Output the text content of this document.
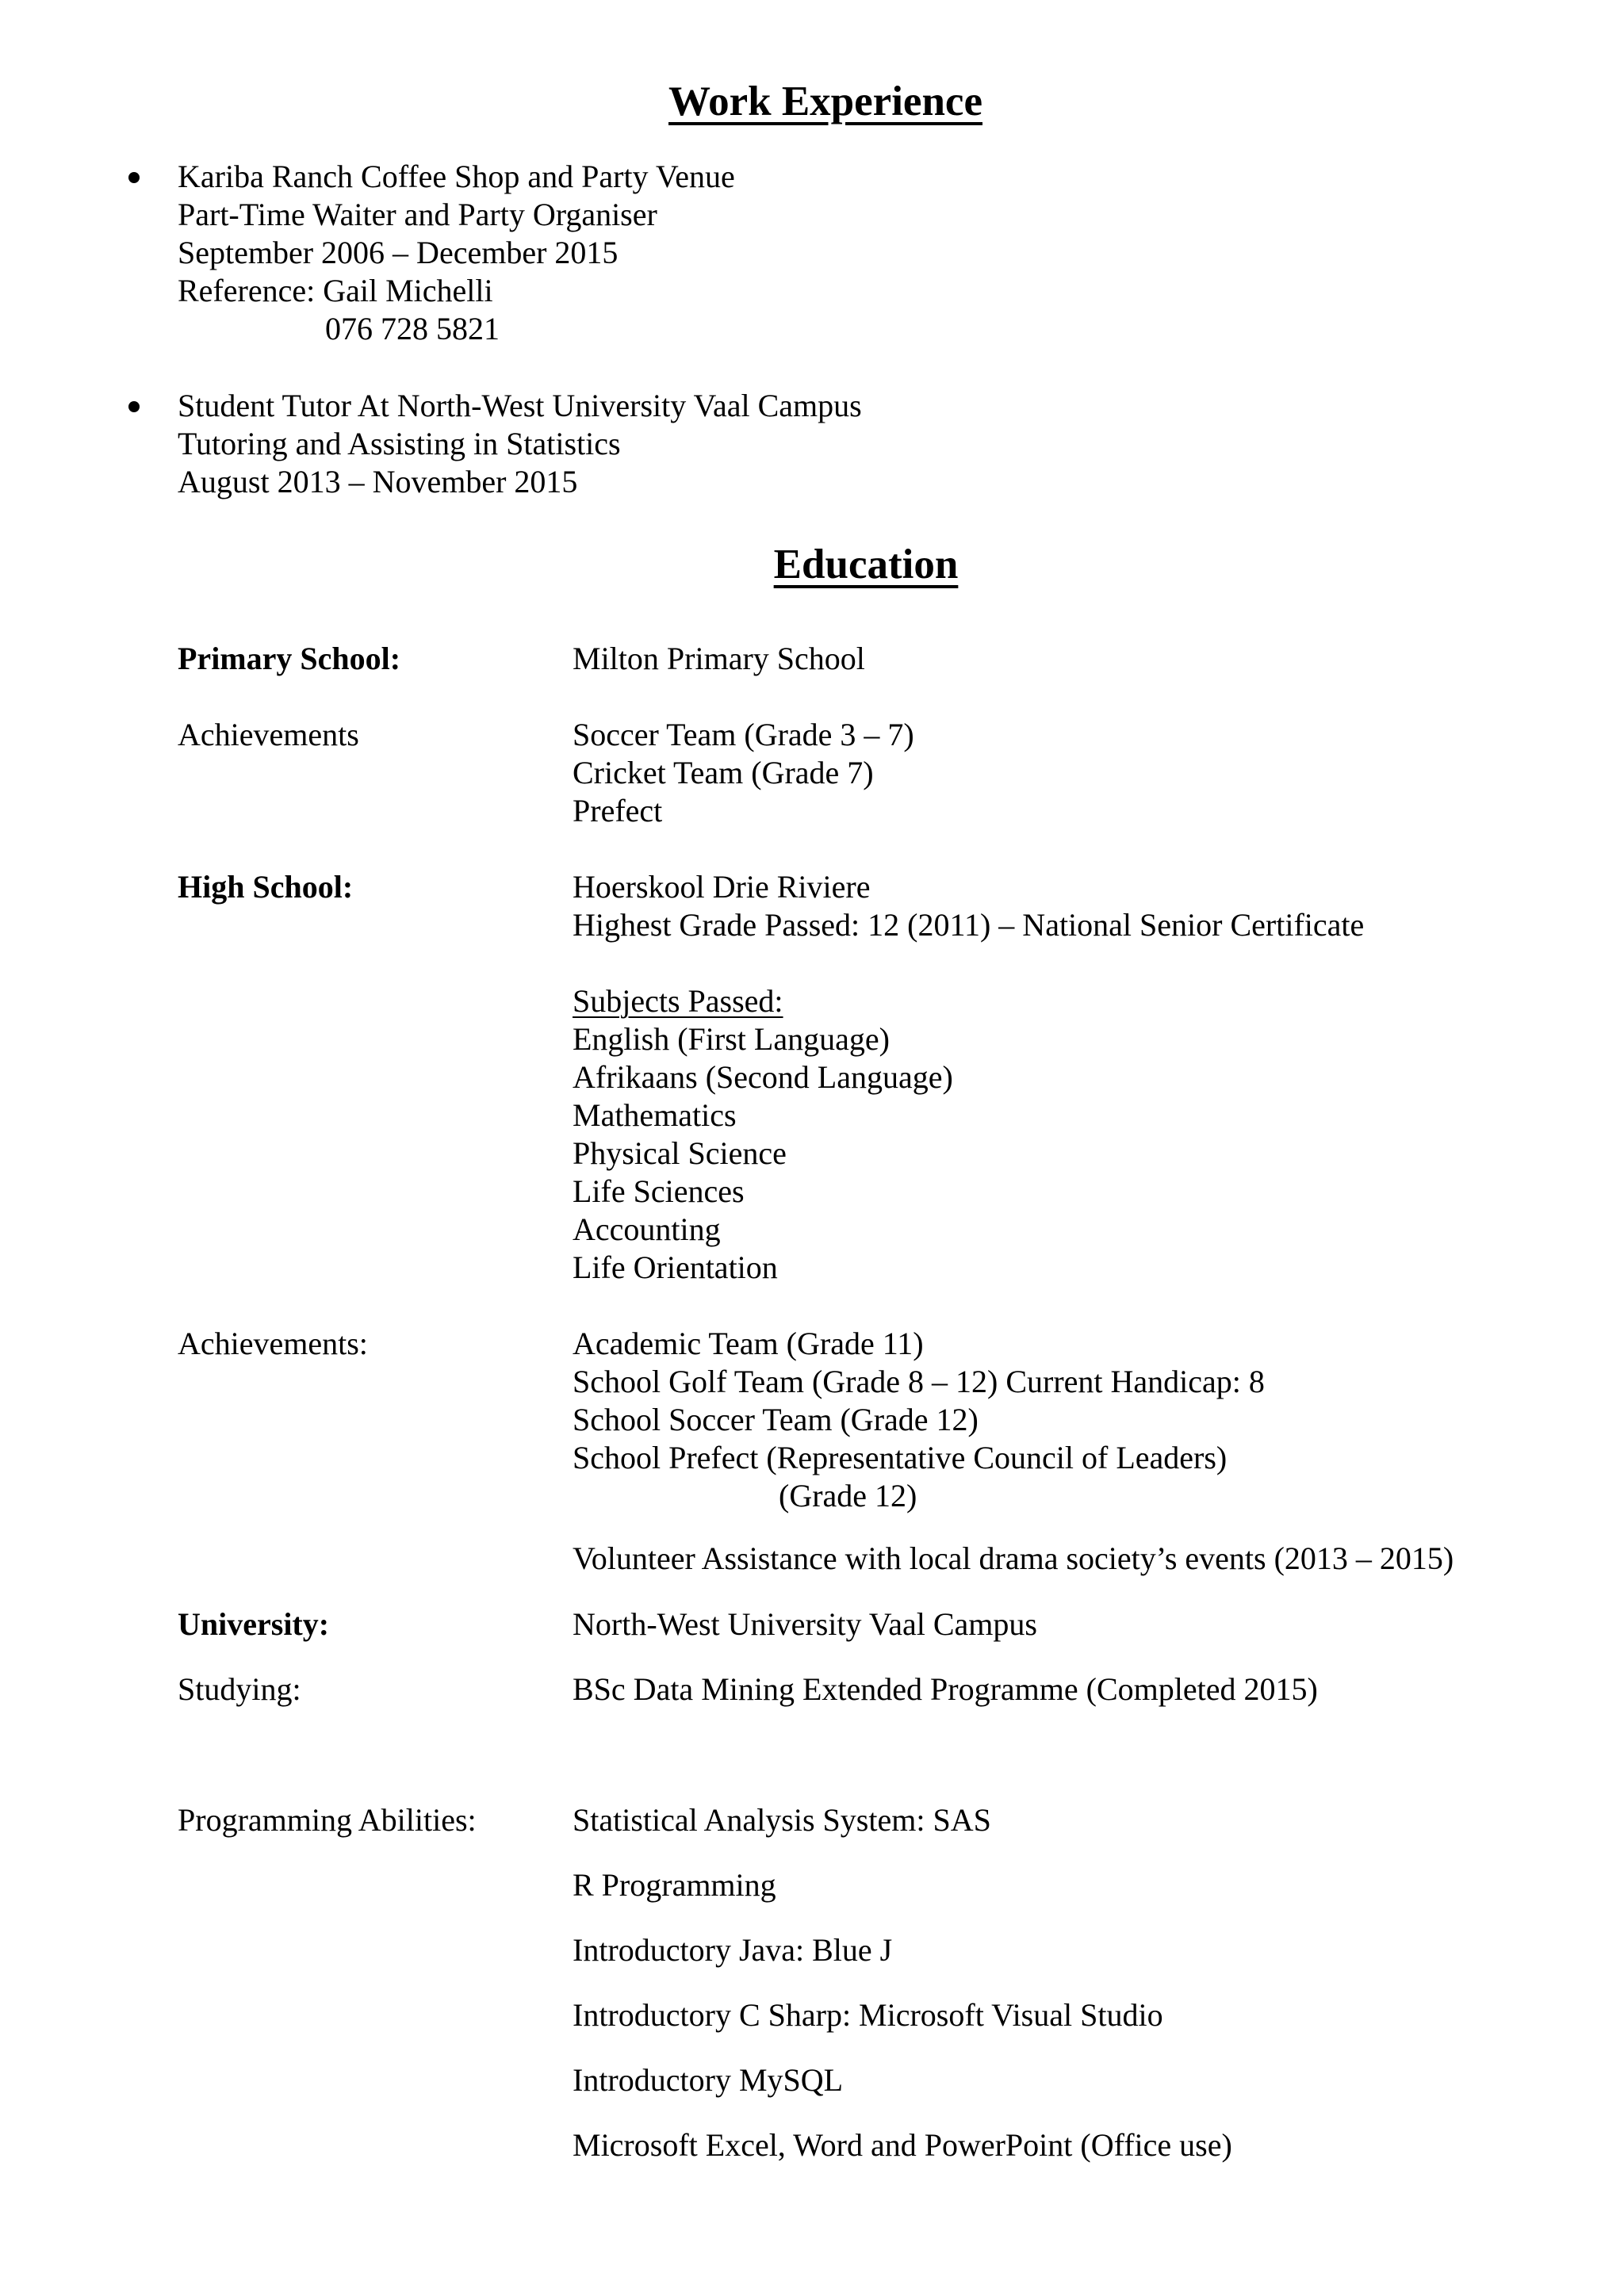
Work Experience

Kariba Ranch Coffee Shop and Party Venue

Part-Time Waiter and Party Organiser

September 2006 – December 2015

Reference: Gail Michelli

076 728 5821

Student Tutor At North-West University Vaal Campus

Tutoring and Assisting in Statistics

August 2013 – November 2015

Education

Primary School:	Milton Primary School

Achievements	Soccer Team (Grade 3 – 7)

Cricket Team (Grade 7)

Prefect

High School:	Hoerskool Drie Riviere

Highest Grade Passed: 12 (2011) – National Senior Certificate

Subjects Passed:

English (First Language)

Afrikaans (Second Language)

Mathematics

Physical Science

Life Sciences

Accounting

Life Orientation

Achievements:	Academic Team (Grade 11)

School Golf Team (Grade 8 – 12) Current Handicap: 8

School Soccer Team (Grade 12)

School Prefect (Representative Council of Leaders)

(Grade 12)

Volunteer Assistance with local drama society’s events (2013 – 2015)

University:	North-West University Vaal Campus

Studying:	BSc Data Mining Extended Programme (Completed 2015)

Programming Abilities:	Statistical Analysis System: SAS

R Programming

Introductory Java: Blue J

Introductory C Sharp: Microsoft Visual Studio

Introductory MySQL

Microsoft Excel, Word and PowerPoint (Office use)
